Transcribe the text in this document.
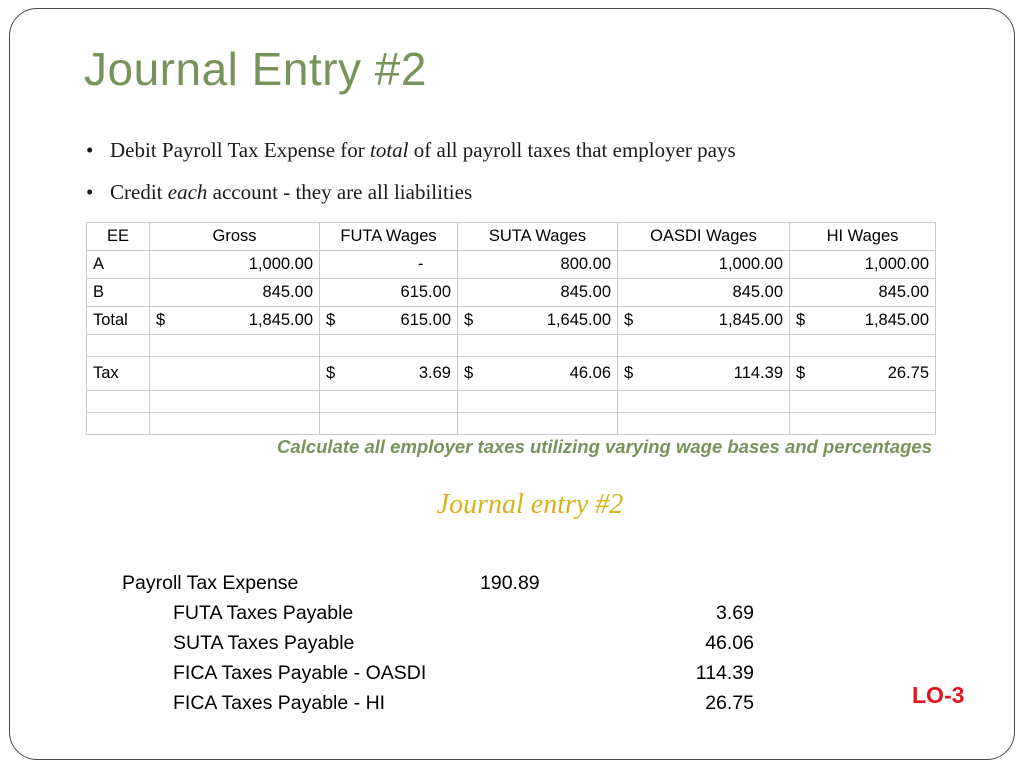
Journal Entry #2
• Debit Payroll Tax Expense for total of all payroll taxes that employer pays
• Credit each account - they are all liabilities
EE	Gross	FUTA Wages	SUTA Wages	OASDI Wages	HI Wages
A	1,000.00	-	800.00	1,000.00	1,000.00
B	845.00	615.00	845.00	845.00	845.00
Total	$ 1,845.00	$ 615.00	$ 1,645.00	$ 1,845.00	$ 1,845.00

Tax		$ 3.69	$ 46.06	$ 114.39	$ 26.75

Calculate all employer taxes utilizing varying wage bases and percentages
Journal entry #2
Payroll Tax Expense	190.89
FUTA Taxes Payable	3.69
SUTA Taxes Payable	46.06
FICA Taxes Payable - OASDI	114.39
FICA Taxes Payable - HI	26.75	LO-3
